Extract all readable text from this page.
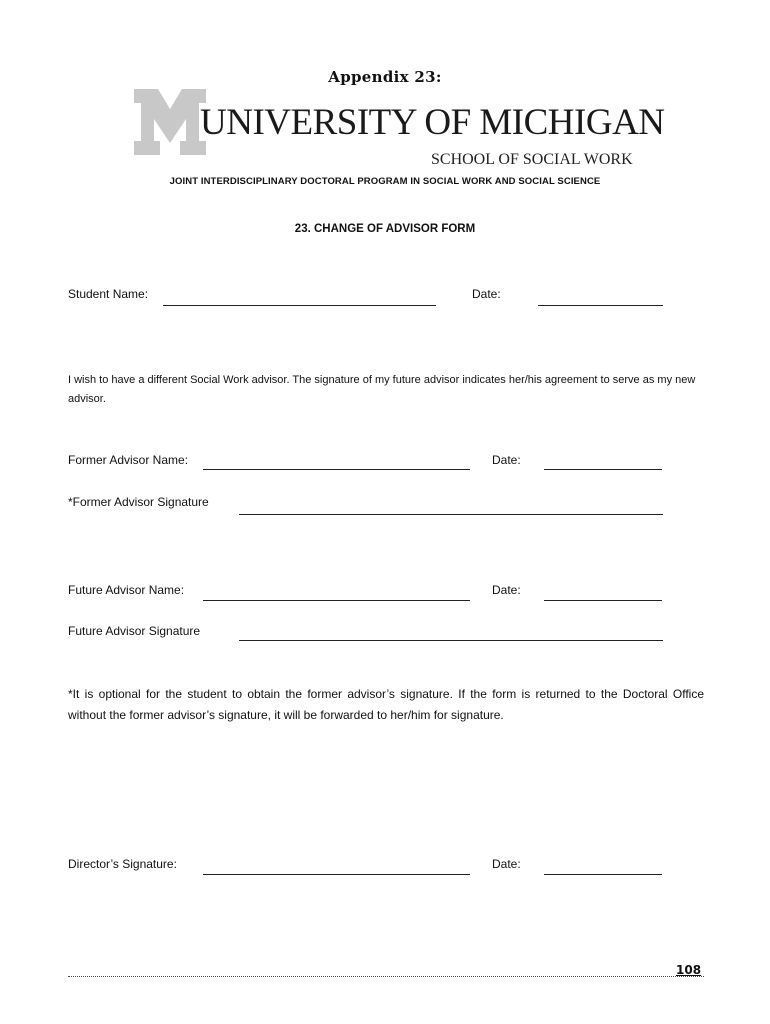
Appendix 23:
UNIVERSITY OF MICHIGAN
SCHOOL OF SOCIAL WORK
JOINT INTERDISCIPLINARY DOCTORAL PROGRAM IN SOCIAL WORK AND SOCIAL SCIENCE
23. CHANGE OF ADVISOR FORM
Student Name:	Date:
I wish to have a different Social Work advisor. The signature of my future advisor indicates her/his agreement to serve as my new advisor.
Former Advisor Name:	Date:
*Former Advisor Signature
Future Advisor Name:	Date:
Future Advisor Signature
*It is optional for the student to obtain the former advisor’s signature. If the form is returned to the Doctoral Office without the former advisor’s signature, it will be forwarded to her/him for signature.
Director’s Signature:	Date:
108
